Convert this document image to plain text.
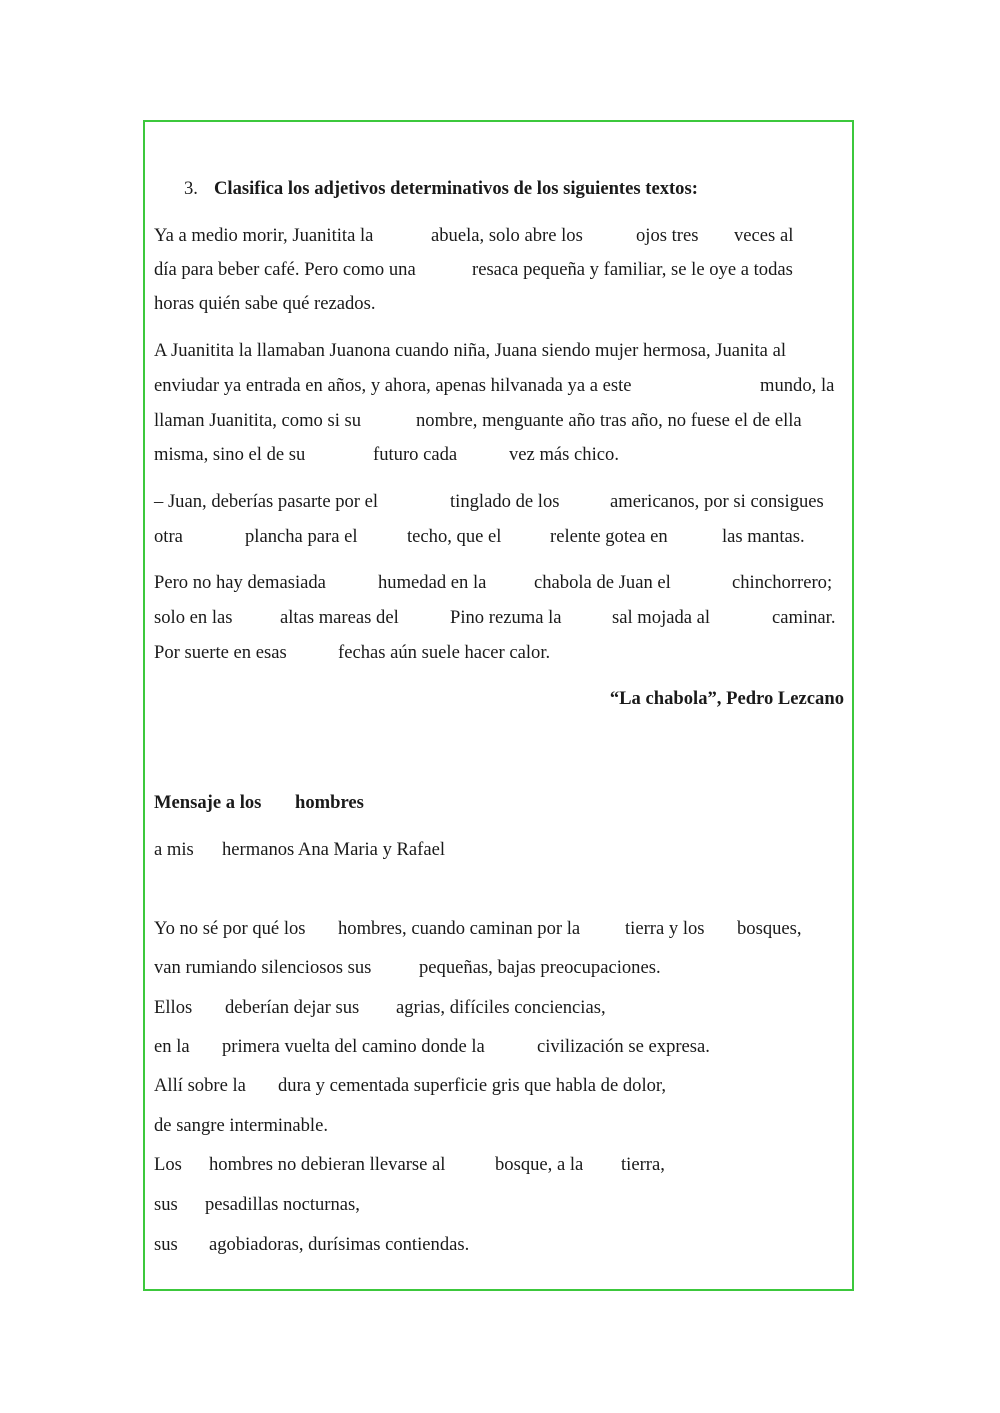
3. Clasifica los adjetivos determinativos de los siguientes textos:
Ya a medio morir, Juanitita la	abuela, solo abre los	ojos tres veces al
día para beber café. Pero como una	resaca pequeña y familiar, se le oye a todas
horas quién sabe qué rezados.
A Juanitita la llamaban Juanona cuando niña, Juana siendo mujer hermosa, Juanita al
enviudar ya entrada en años, y ahora, apenas hilvanada ya a este	mundo, la
llaman Juanitita, como si su	nombre, menguante año tras año, no fuese el de ella
misma, sino el de su	futuro cada	vez más chico.
– Juan, deberías pasarte por el	tinglado de los	americanos, por si consigues
otra	plancha para el	techo, que el	relente gotea en	las mantas.
Pero no hay demasiada	humedad en la	chabola de Juan el	chinchorrero;
solo en las	altas mareas del	Pino rezuma la	sal mojada al	caminar.
Por suerte en esas	fechas aún suele hacer calor.
“La chabola”, Pedro Lezcano
Mensaje a los hombres
a mis hermanos Ana Maria y Rafael
Yo no sé por qué los hombres, cuando caminan por la tierra y los bosques,
van rumiando silenciosos sus	pequeñas, bajas preocupaciones.
Ellos deberían dejar sus agrias, difíciles conciencias,
en la primera vuelta del camino donde la	civilización se expresa.
Allí sobre la dura y cementada superficie gris que habla de dolor,
de sangre interminable.
Los hombres no debieran llevarse al	bosque, a la tierra,
sus pesadillas nocturnas,
sus agobiadoras, durísimas contiendas.
